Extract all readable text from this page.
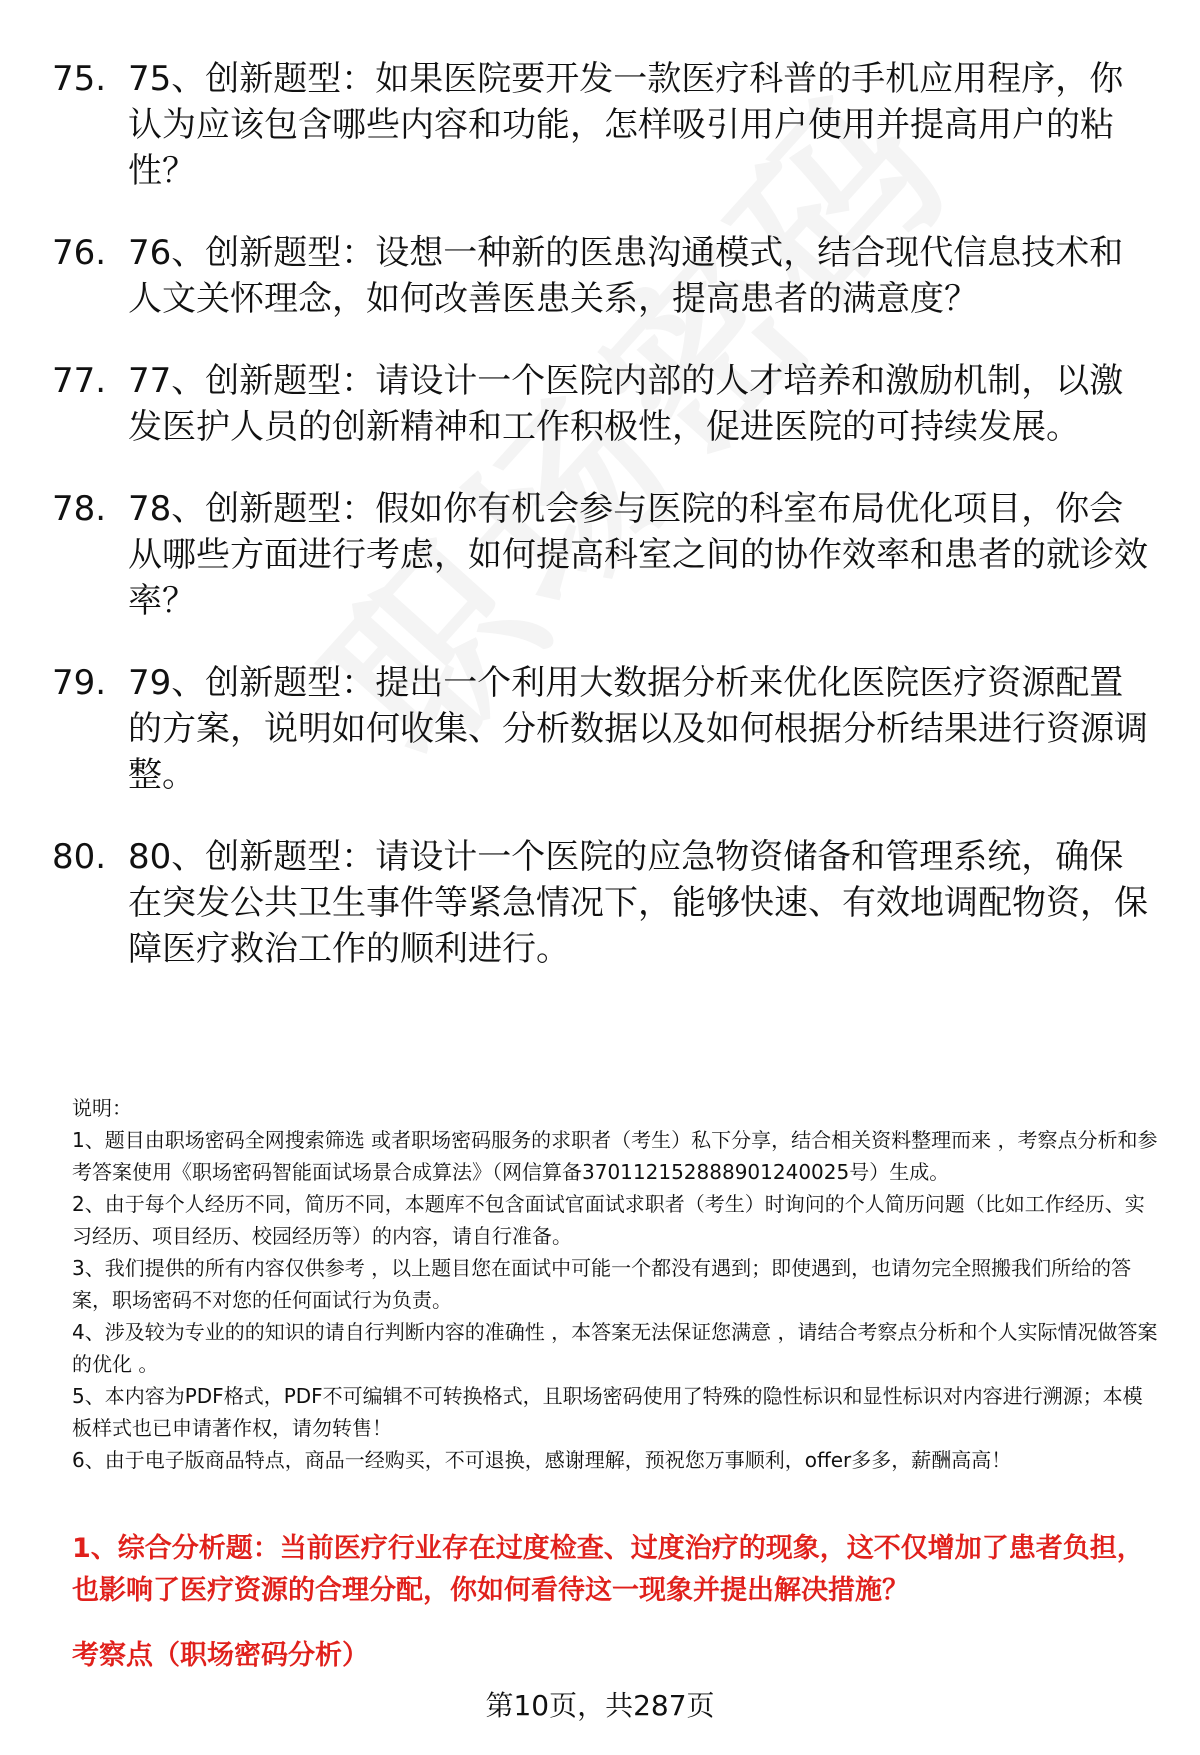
75. 75、创新题型：如果医院要开发一款医疗科普的手机应用程序，你认为应该包含哪些内容和功能，怎样吸引用户使用并提高用户的粘性？
76. 76、创新题型：设想一种新的医患沟通模式，结合现代信息技术和人文关怀理念，如何改善医患关系，提高患者的满意度？
77. 77、创新题型：请设计一个医院内部的人才培养和激励机制，以激发医护人员的创新精神和工作积极性，促进医院的可持续发展。
78. 78、创新题型：假如你有机会参与医院的科室布局优化项目，你会从哪些方面进行考虑，如何提高科室之间的协作效率和患者的就诊效率？
79. 79、创新题型：提出一个利用大数据分析来优化医院医疗资源配置的方案，说明如何收集、分析数据以及如何根据分析结果进行资源调整。
80. 80、创新题型：请设计一个医院的应急物资储备和管理系统，确保在突发公共卫生事件等紧急情况下，能够快速、有效地调配物资，保障医疗救治工作的顺利进行。
说明：
1、题目由职场密码全网搜索筛选 或者职场密码服务的求职者（考生）私下分享，结合相关资料整理而来 ，考察点分析和参考答案使用《职场密码智能面试场景合成算法》（网信算备370112152888901240025号）生成。
2、由于每个人经历不同，简历不同，本题库不包含面试官面试求职者（考生）时询问的个人简历问题（比如工作经历、实习经历、项目经历、校园经历等）的内容，请自行准备。
3、我们提供的所有内容仅供参考 ，以上题目您在面试中可能一个都没有遇到；即使遇到，也请勿完全照搬我们所给的答案，职场密码不对您的任何面试行为负责。
4、涉及较为专业的的知识的请自行判断内容的准确性 ，本答案无法保证您满意 ，请结合考察点分析和个人实际情况做答案的优化 。
5、本内容为PDF格式，PDF不可编辑不可转换格式，且职场密码使用了特殊的隐性标识和显性标识对内容进行溯源；本模板样式也已申请著作权，请勿转售！
6、由于电子版商品特点，商品一经购买，不可退换，感谢理解，预祝您万事顺利，offer多多，薪酬高高！
1、综合分析题：当前医疗行业存在过度检查、过度治疗的现象，这不仅增加了患者负担，也影响了医疗资源的合理分配，你如何看待这一现象并提出解决措施？
考察点（职场密码分析）
第10页，共287页
